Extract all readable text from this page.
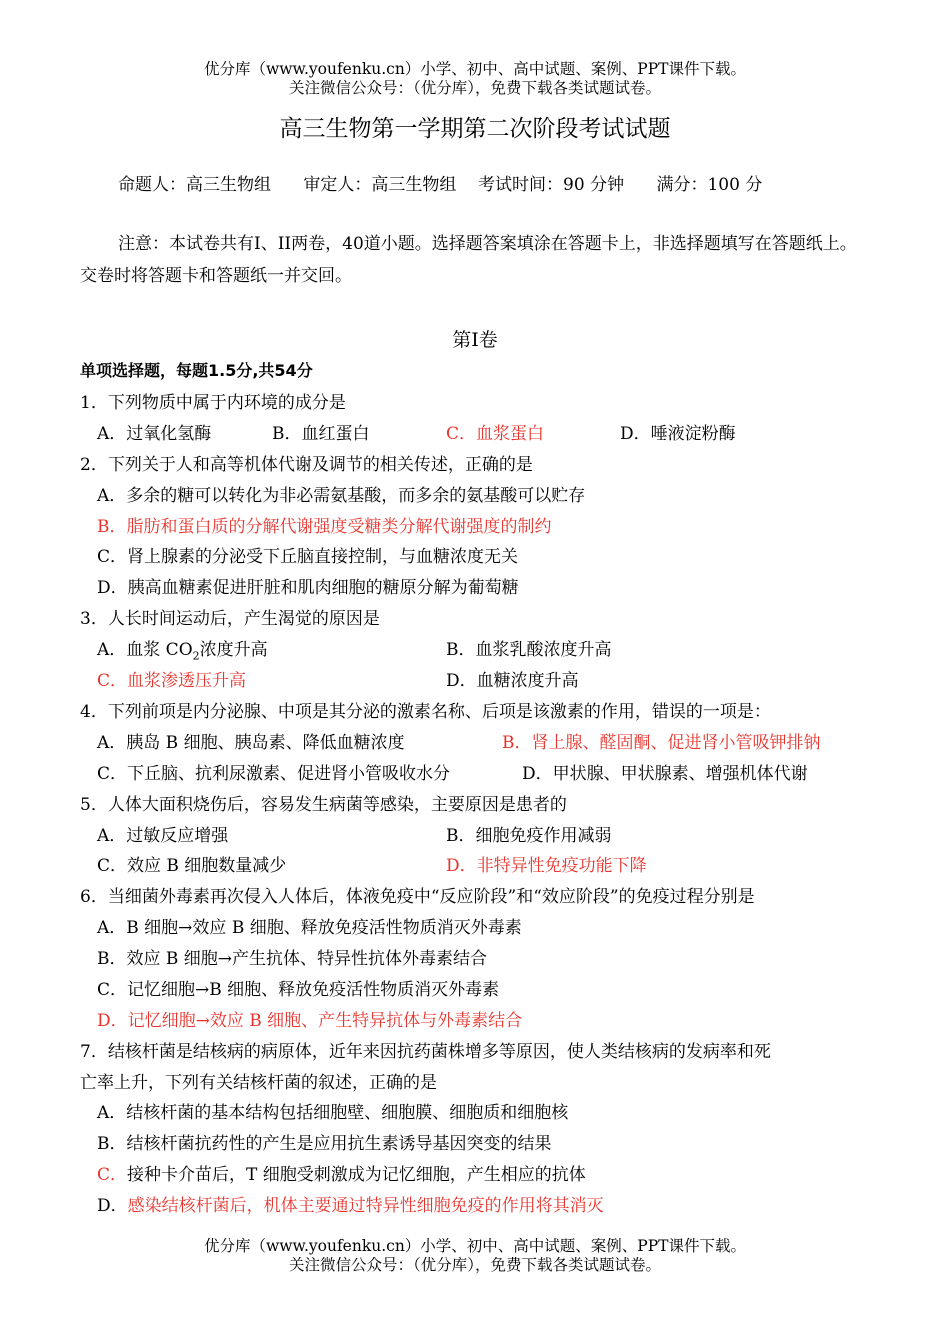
优分库（www.youfenku.cn）小学、初中、高中试题、案例、PPT课件下载。
关注微信公众号：（优分库），免费下载各类试题试卷。
高三生物第一学期第二次阶段考试试题
命题人：高三生物组      审定人：高三生物组    考试时间：90 分钟      满分：100 分
注意：本试卷共有Ⅰ、II两卷，40道小题。选择题答案填涂在答题卡上，非选择题填写在答题纸上。交卷时将答题卡和答题纸一并交回。
第Ⅰ卷
单项选择题，每题1.5分,共54分
1．下列物质中属于内环境的成分是
A．过氧化氢酶	B．血红蛋白	C．血浆蛋白	D．唾液淀粉酶
2．下列关于人和高等机体代谢及调节的相关传述，正确的是
A．多余的糖可以转化为非必需氨基酸，而多余的氨基酸可以贮存
B．脂肪和蛋白质的分解代谢强度受糖类分解代谢强度的制约
C．肾上腺素的分泌受下丘脑直接控制，与血糖浓度无关
D．胰高血糖素促进肝脏和肌肉细胞的糖原分解为葡萄糖
3．人长时间运动后，产生渴觉的原因是
A．血浆 $CO_2$浓度升高	B．血浆乳酸浓度升高
C．血浆渗透压升高	D．血糖浓度升高
4．下列前项是内分泌腺、中项是其分泌的激素名称、后项是该激素的作用，错误的一项是：
A．胰岛 B 细胞、胰岛素、降低血糖浓度	B．肾上腺、醛固酮、促进肾小管吸钾排钠
C．下丘脑、抗利尿激素、促进肾小管吸收水分	D．甲状腺、甲状腺素、增强机体代谢
5．人体大面积烧伤后，容易发生病菌等感染，主要原因是患者的
A．过敏反应增强	B．细胞免疫作用减弱
C．效应 B 细胞数量减少	D．非特异性免疫功能下降
6．当细菌外毒素再次侵入人体后，体液免疫中“反应阶段”和“效应阶段”的免疫过程分别是
A．B 细胞→效应 B 细胞、释放免疫活性物质消灭外毒素
B．效应 B 细胞→产生抗体、特异性抗体外毒素结合
C．记忆细胞→B 细胞、释放免疫活性物质消灭外毒素
D．记忆细胞→效应 B 细胞、产生特异抗体与外毒素结合
7．结核杆菌是结核病的病原体，近年来因抗药菌株增多等原因，使人类结核病的发病率和死
亡率上升，下列有关结核杆菌的叙述，正确的是
A．结核杆菌的基本结构包括细胞壁、细胞膜、细胞质和细胞核
B．结核杆菌抗药性的产生是应用抗生素诱导基因突变的结果
C．接种卡介苗后，T 细胞受刺激成为记忆细胞，产生相应的抗体
D．感染结核杆菌后，机体主要通过特异性细胞免疫的作用将其消灭
优分库（www.youfenku.cn）小学、初中、高中试题、案例、PPT课件下载。
关注微信公众号：（优分库），免费下载各类试题试卷。
